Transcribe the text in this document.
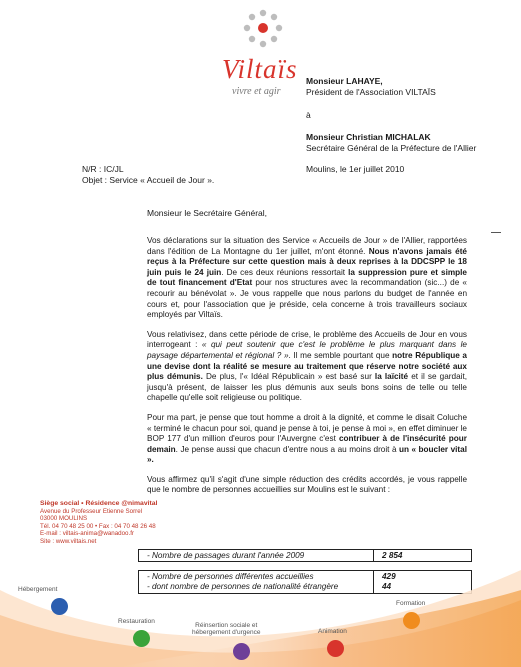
Viltaïs
vivre et agir
Monsieur LAHAYE,
Président de l'Association VILTAÏS
à
Monsieur Christian MICHALAK
Secrétaire Général de la Préfecture de l'Allier
Moulins, le 1er juillet 2010
N/R : IC/JL
Objet : Service « Accueil de Jour ».
Monsieur le Secrétaire Général,

Vos déclarations sur la situation des Service « Accueils de Jour » de l'Allier, rapportées dans l'édition de La Montagne du 1er juillet, m'ont étonné. Nous n'avons jamais été reçus à la Préfecture sur cette question mais à deux reprises à la DDCSPP le 18 juin puis le 24 juin. De ces deux réunions ressortait la suppression pure et simple de tout financement d'Etat pour nos structures avec la recommandation (sic...) de « recourir au bénévolat ». Je vous rappelle que nous parlons du budget de l'année en cours et, pour l'association que je préside, cela concerne à trois travailleurs sociaux employés par Viltaïs.

Vous relativisez, dans cette période de crise, le problème des Accueils de Jour en vous interrogeant : « qui peut soutenir que c'est le problème le plus marquant dans le paysage départemental et régional ? ». Il me semble pourtant que notre République a une devise dont la réalité se mesure au traitement que réserve notre société aux plus démunis. De plus, l'« Idéal Républicain » est basé sur la laïcité et il se gardait, jusqu'à présent, de laisser les plus démunis aux seuls bons soins de telle ou telle chapelle qu'elle soit religieuse ou politique.

Pour ma part, je pense que tout homme a droit à la dignité, et comme le disait Coluche « terminé le chacun pour soi, quand je pense à toi, je pense à moi », en effet diminuer le BOP 177 d'un million d'euros pour l'Auvergne c'est contribuer à de l'insécurité pour demain. Je pense aussi que chacun d'entre nous a au moins droit à un « boucler vital ».

Vous affirmez qu'il s'agit d'une simple réduction des crédits accordés, je vous rappelle que le nombre de personnes accueillies sur Moulins est le suivant :

Siège social • Résidence @nimavital
Avenue du Professeur Etienne Sorrel
03000 MOULINS
Tél. 04 70 48 25 00 • Fax : 04 70 48 26 48
E-mail : viltais-anima@wanadoo.fr
Site : www.viltais.net
- Nombre de passages durant l'année 2009	2 854
- Nombre de personnes différentes accueillies
- dont nombre de personnes de nationalité étrangère
429
44
Hébergement
Restauration
Réinsertion sociale et
hébergement d'urgence	Animation
Formation
